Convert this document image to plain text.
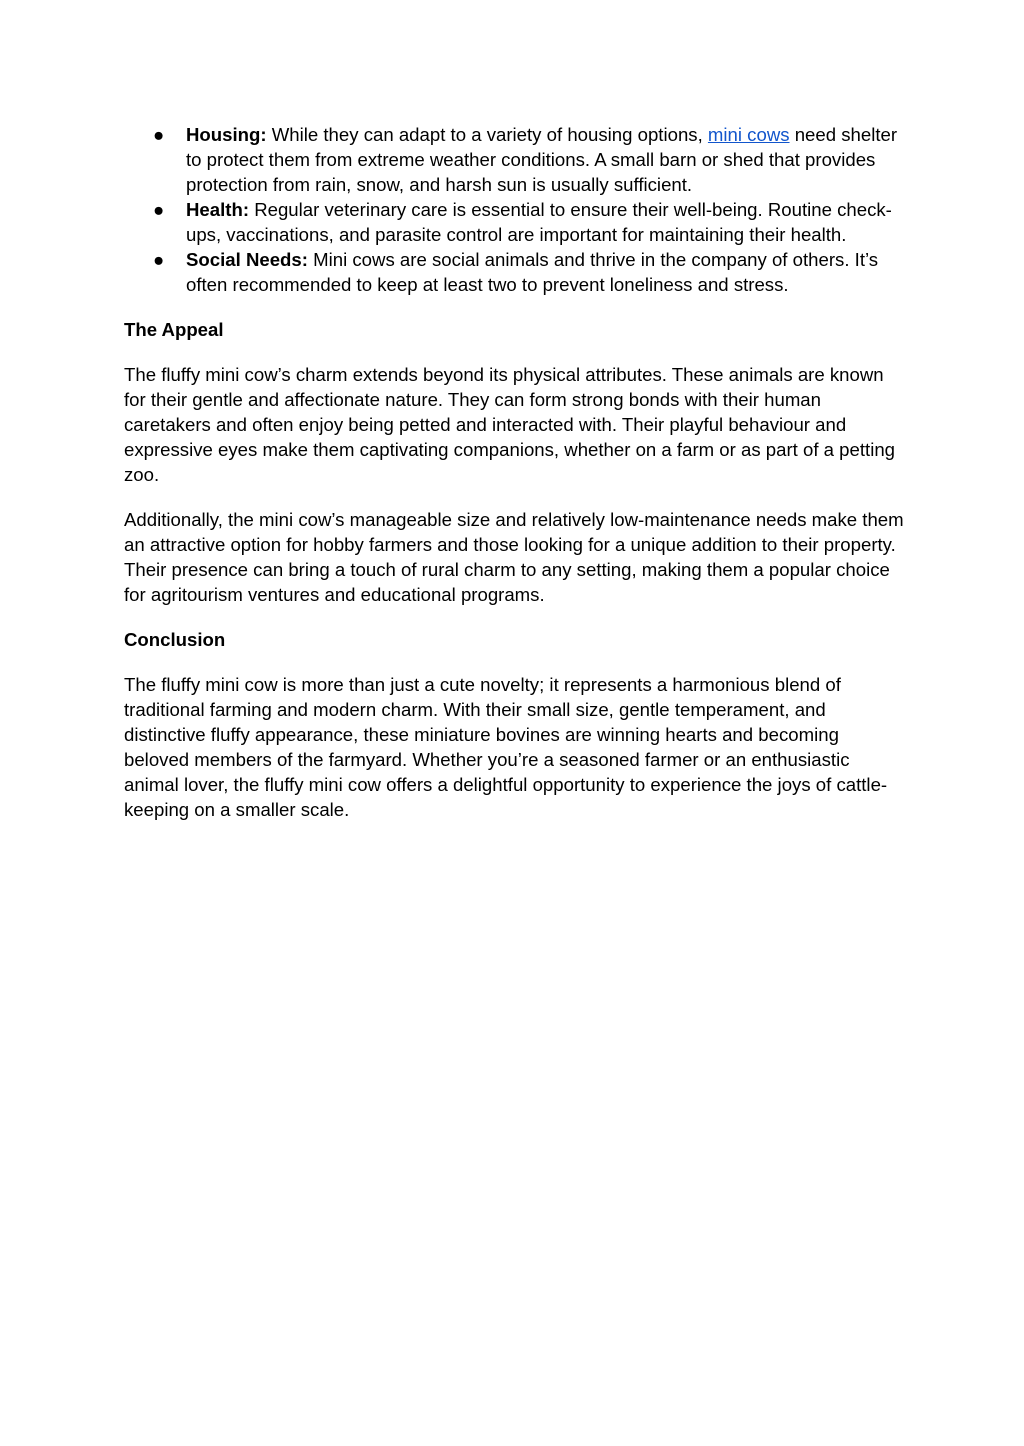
● Housing: While they can adapt to a variety of housing options, mini cows need shelter to protect them from extreme weather conditions. A small barn or shed that provides protection from rain, snow, and harsh sun is usually sufficient.
● Health: Regular veterinary care is essential to ensure their well-being. Routine check-ups, vaccinations, and parasite control are important for maintaining their health.
● Social Needs: Mini cows are social animals and thrive in the company of others. It’s often recommended to keep at least two to prevent loneliness and stress.
The Appeal

The fluffy mini cow’s charm extends beyond its physical attributes. These animals are known for their gentle and affectionate nature. They can form strong bonds with their human caretakers and often enjoy being petted and interacted with. Their playful behaviour and expressive eyes make them captivating companions, whether on a farm or as part of a petting zoo.

Additionally, the mini cow’s manageable size and relatively low-maintenance needs make them an attractive option for hobby farmers and those looking for a unique addition to their property. Their presence can bring a touch of rural charm to any setting, making them a popular choice for agritourism ventures and educational programs.

Conclusion

The fluffy mini cow is more than just a cute novelty; it represents a harmonious blend of traditional farming and modern charm. With their small size, gentle temperament, and distinctive fluffy appearance, these miniature bovines are winning hearts and becoming beloved members of the farmyard. Whether you’re a seasoned farmer or an enthusiastic animal lover, the fluffy mini cow offers a delightful opportunity to experience the joys of cattle-keeping on a smaller scale.
